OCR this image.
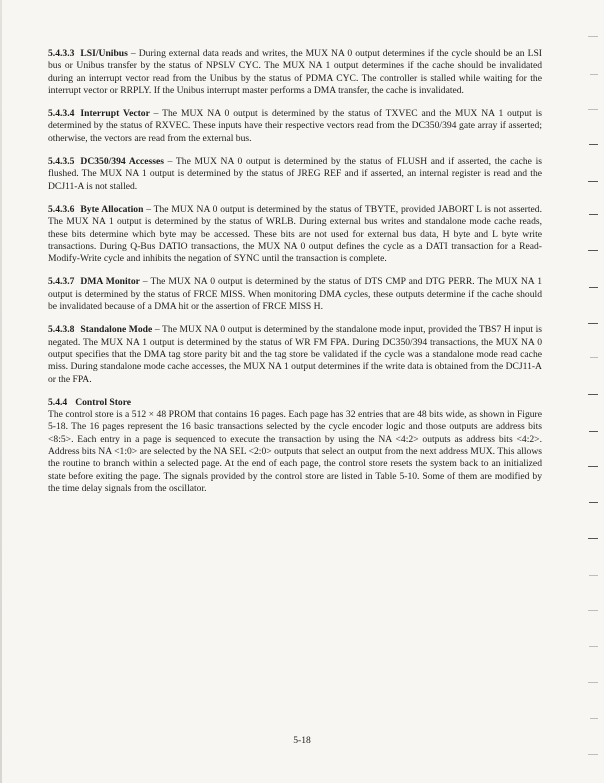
5.4.3.3 LSI/Unibus – During external data reads and writes, the MUX NA 0 output determines if the cycle should be an LSI bus or Unibus transfer by the status of NPSLV CYC. The MUX NA 1 output determines if the cache should be invalidated during an interrupt vector read from the Unibus by the status of PDMA CYC. The controller is stalled while waiting for the interrupt vector or RRPLY. If the Unibus interrupt master performs a DMA transfer, the cache is invalidated.

5.4.3.4 Interrupt Vector – The MUX NA 0 output is determined by the status of TXVEC and the MUX NA 1 output is determined by the status of RXVEC. These inputs have their respective vectors read from the DC350/394 gate array if asserted; otherwise, the vectors are read from the external bus.

5.4.3.5 DC350/394 Accesses – The MUX NA 0 output is determined by the status of FLUSH and if asserted, the cache is flushed. The MUX NA 1 output is determined by the status of JREG REF and if asserted, an internal register is read and the DCJ11-A is not stalled.

5.4.3.6 Byte Allocation – The MUX NA 0 output is determined by the status of TBYTE, provided JABORT L is not asserted. The MUX NA 1 output is determined by the status of WRLB. During external bus writes and standalone mode cache reads, these bits determine which byte may be accessed. These bits are not used for external bus data, H byte and L byte write transactions. During Q-Bus DATIO transactions, the MUX NA 0 output defines the cycle as a DATI transaction for a Read-Modify-Write cycle and inhibits the negation of SYNC until the transaction is complete.

5.4.3.7 DMA Monitor – The MUX NA 0 output is determined by the status of DTS CMP and DTG PERR. The MUX NA 1 output is determined by the status of FRCE MISS. When monitoring DMA cycles, these outputs determine if the cache should be invalidated because of a DMA hit or the assertion of FRCE MISS H.

5.4.3.8 Standalone Mode – The MUX NA 0 output is determined by the standalone mode input, provided the TBS7 H input is negated. The MUX NA 1 output is determined by the status of WR FM FPA. During DC350/394 transactions, the MUX NA 0 output specifies that the DMA tag store parity bit and the tag store be validated if the cycle was a standalone mode read cache miss. During standalone mode cache accesses, the MUX NA 1 output determines if the write data is obtained from the DCJ11-A or the FPA.

5.4.4 Control Store

The control store is a 512 × 48 PROM that contains 16 pages. Each page has 32 entries that are 48 bits wide, as shown in Figure 5-18. The 16 pages represent the 16 basic transactions selected by the cycle encoder logic and those outputs are address bits <8:5>. Each entry in a page is sequenced to execute the transaction by using the NA <4:2> outputs as address bits <4:2>. Address bits NA <1:0> are selected by the NA SEL <2:0> outputs that select an output from the next address MUX. This allows the routine to branch within a selected page. At the end of each page, the control store resets the system back to an initialized state before exiting the page. The signals provided by the control store are listed in Table 5-10. Some of them are modified by the time delay signals from the oscillator.

5-18
